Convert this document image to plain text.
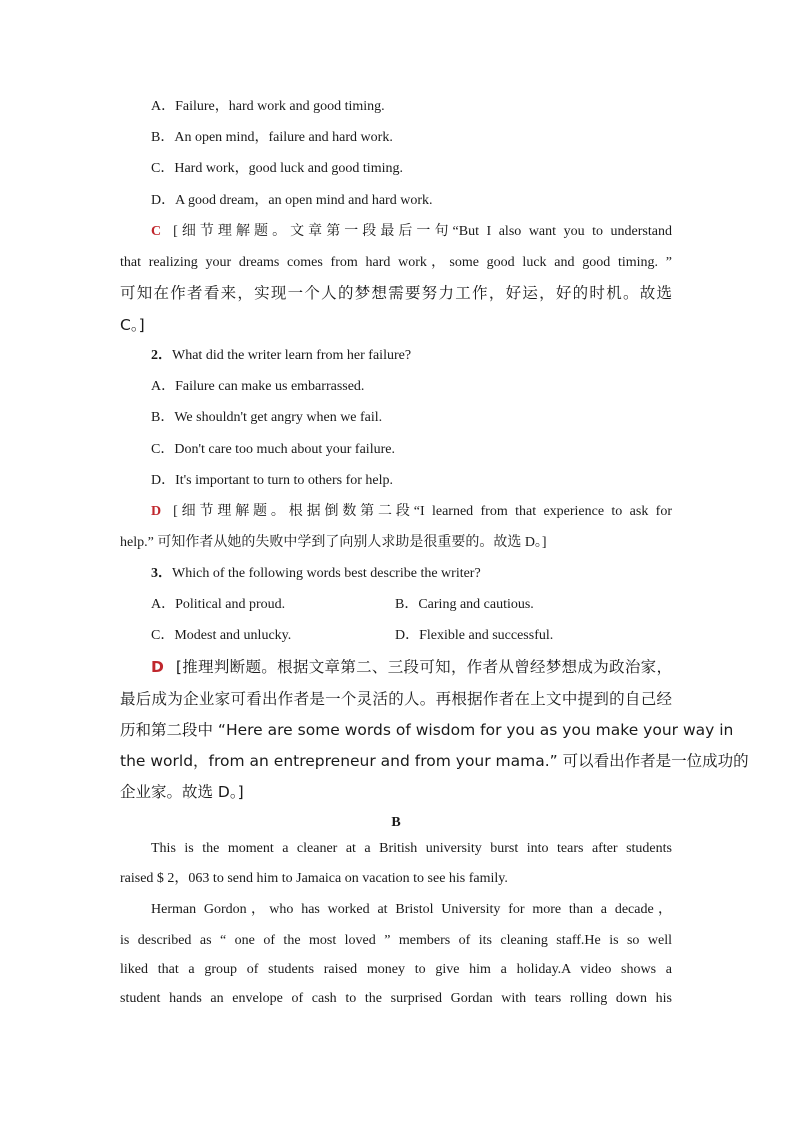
A．Failure，hard work and good timing.
B．An open mind，failure and hard work.
C．Hard work，good luck and good timing.
D．A good dream，an open mind and hard work.
C [细节理解题。文章第一段最后一句“But I also want you to understand
that realizing your dreams comes from hard work，some good luck and good timing. ”
可知在作者看来，实现一个人的梦想需要努力工作，好运，好的时机。故选
C。]
2．What did the writer learn from her failure?
A．Failure can make us embarrassed.
B．We shouldn't get angry when we fail.
C．Don't care too much about your failure.
D．It's important to turn to others for help.
D [细节理解题。根据倒数第二段“I learned from that experience to ask for
help.” 可知作者从她的失败中学到了向别人求助是很重要的。故选 D。]
3．Which of the following words best describe the writer?
A．Political and proud.	B．Caring and cautious.
C．Modest and unlucky.	D．Flexible and successful.
D [推理判断题。根据文章第二、三段可知，作者从曾经梦想成为政治家，
最后成为企业家可看出作者是一个灵活的人。再根据作者在上文中提到的自己经
历和第二段中 “Here are some words of wisdom for you as you make your way in
the world，from an entrepreneur and from your mama.” 可以看出作者是一位成功的
企业家。故选 D。]
B
This is the moment a cleaner at a British university burst into tears after students
raised $ 2，063 to send him to Jamaica on vacation to see his family.
Herman Gordon，who has worked at Bristol University for more than a decade，
is described as “ one of the most loved ” members of its cleaning staff.He is so well
liked that a group of students raised money to give him a holiday.A video shows a
student hands an envelope of cash to the surprised Gordan with tears rolling down his
